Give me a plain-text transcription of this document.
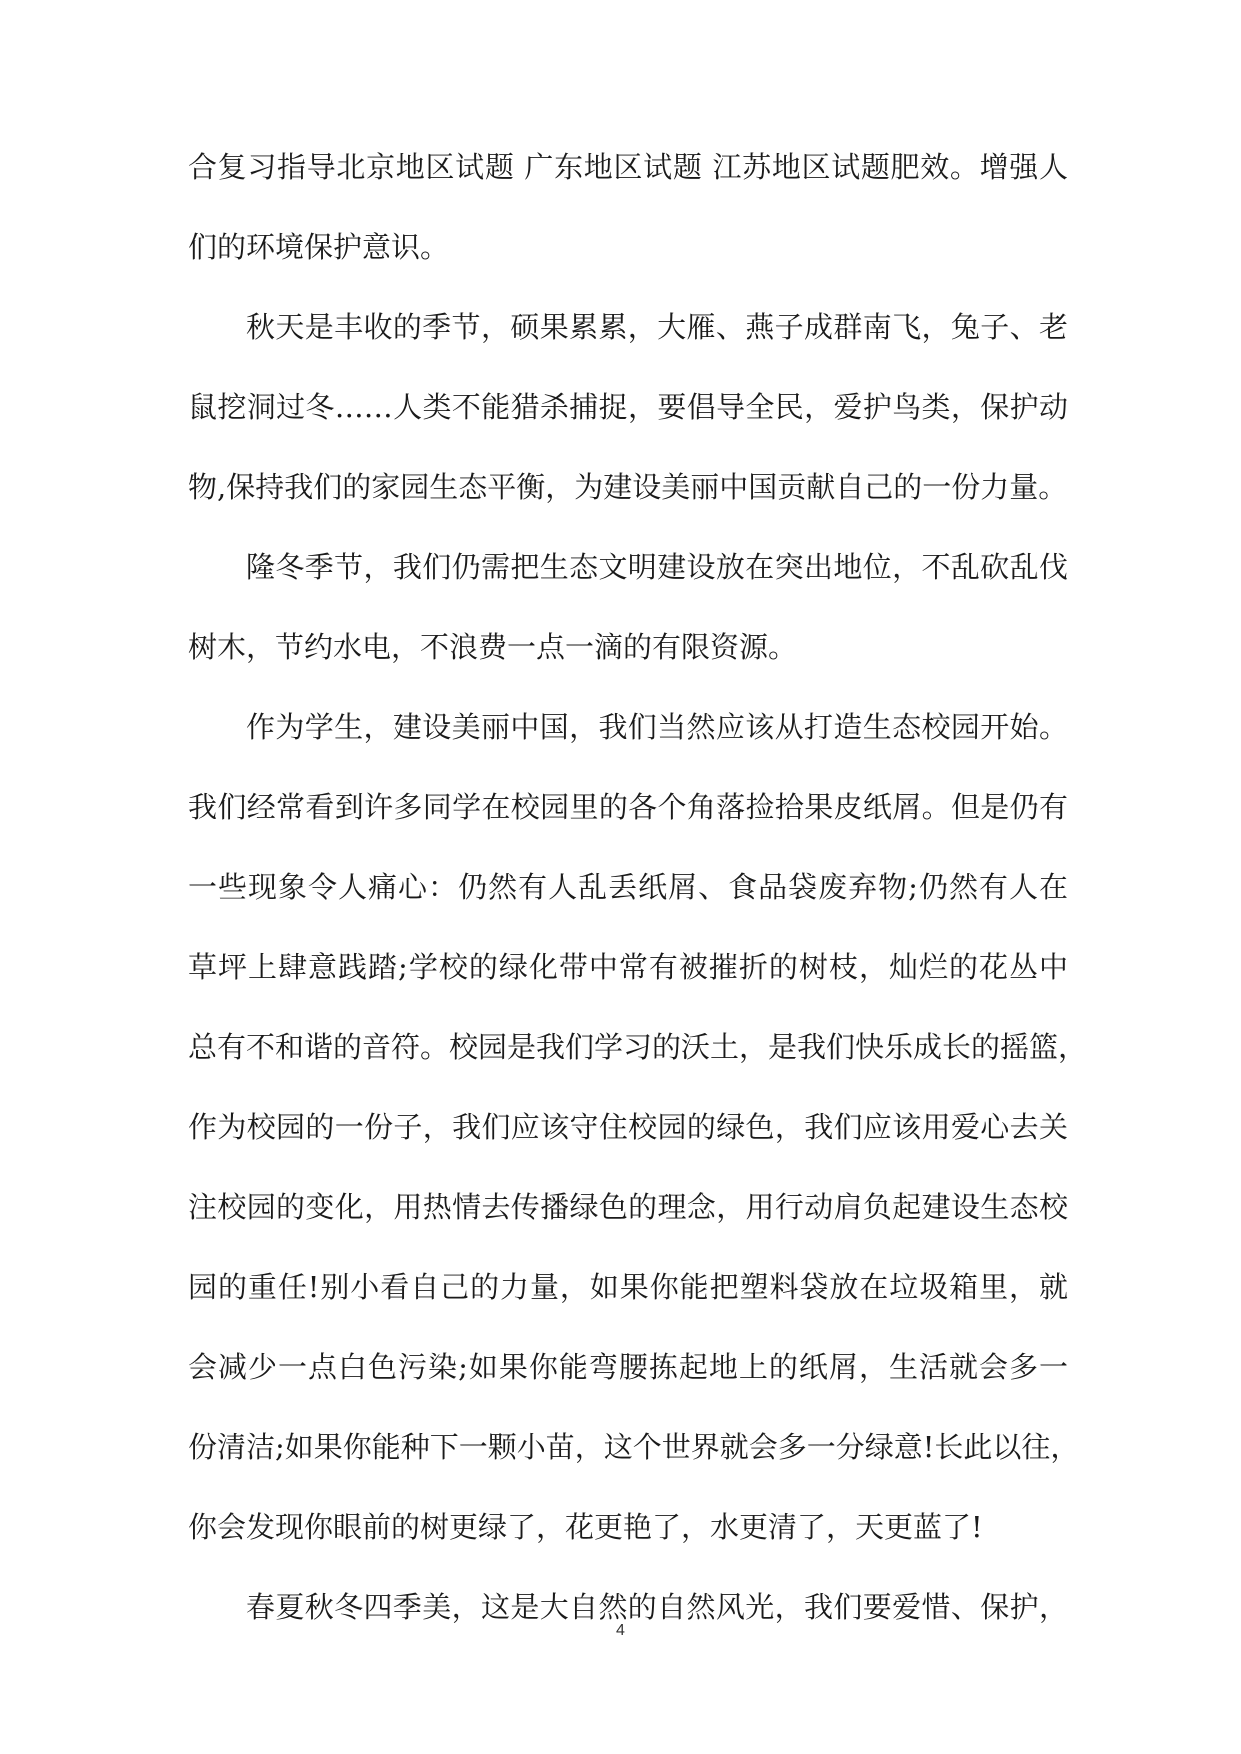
合复习指导北京地区试题 广东地区试题 江苏地区试题肥效。增强人
们的环境保护意识。
秋天是丰收的季节，硕果累累，大雁、燕子成群南飞，兔子、老
鼠挖洞过冬……人类不能猎杀捕捉，要倡导全民，爱护鸟类，保护动
物,保持我们的家园生态平衡，为建设美丽中国贡献自己的一份力量。
隆冬季节，我们仍需把生态文明建设放在突出地位，不乱砍乱伐
树木，节约水电，不浪费一点一滴的有限资源。
作为学生，建设美丽中国，我们当然应该从打造生态校园开始。
我们经常看到许多同学在校园里的各个角落捡拾果皮纸屑。但是仍有
一些现象令人痛心：仍然有人乱丢纸屑、食品袋废弃物;仍然有人在
草坪上肆意践踏;学校的绿化带中常有被摧折的树枝，灿烂的花丛中
总有不和谐的音符。校园是我们学习的沃土，是我们快乐成长的摇篮，
作为校园的一份子，我们应该守住校园的绿色，我们应该用爱心去关
注校园的变化，用热情去传播绿色的理念，用行动肩负起建设生态校
园的重任!别小看自己的力量，如果你能把塑料袋放在垃圾箱里，就
会减少一点白色污染;如果你能弯腰拣起地上的纸屑，生活就会多一
份清洁;如果你能种下一颗小苗，这个世界就会多一分绿意!长此以往，
你会发现你眼前的树更绿了，花更艳了，水更清了，天更蓝了!
春夏秋冬四季美，这是大自然的自然风光，我们要爱惜、保护，
4
